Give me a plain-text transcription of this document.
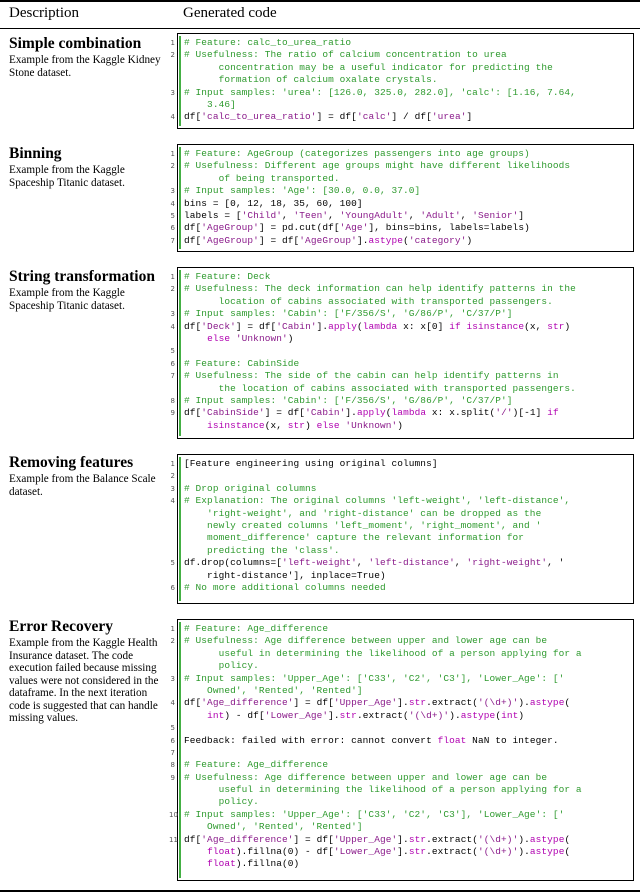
Description	Generated code
Simple combination
Example from the Kaggle Kidney Stone dataset.
1 # Feature: calc_to_urea_ratio
2 # Usefulness: The ratio of calcium concentration to urea
concentration may be a useful indicator for predicting the
formation of calcium oxalate crystals.
3 # Input samples: 'urea': [126.0, 325.0, 282.0], 'calc': [1.16, 7.64,
3.46]
4 df['calc_to_urea_ratio'] = df['calc'] / df['urea']
Binning
Example from the Kaggle Spaceship Titanic dataset.
1 # Feature: AgeGroup (categorizes passengers into age groups)
2 # Usefulness: Different age groups might have different likelihoods
of being transported.
3 # Input samples: 'Age': [30.0, 0.0, 37.0]
4 bins = [0, 12, 18, 35, 60, 100]
5 labels = ['Child', 'Teen', 'YoungAdult', 'Adult', 'Senior']
6 df['AgeGroup'] = pd.cut(df['Age'], bins=bins, labels=labels)
7 df['AgeGroup'] = df['AgeGroup'].astype('category')
String transformation
Example from the Kaggle Spaceship Titanic dataset.
1 # Feature: Deck
2 # Usefulness: The deck information can help identify patterns in the
location of cabins associated with transported passengers.
3 # Input samples: 'Cabin': ['F/356/S', 'G/86/P', 'C/37/P']
4 df['Deck'] = df['Cabin'].apply(lambda x: x[0] if isinstance(x, str)
else 'Unknown')
5
6 # Feature: CabinSide
7 # Usefulness: The side of the cabin can help identify patterns in
the location of cabins associated with transported passengers.
8 # Input samples: 'Cabin': ['F/356/S', 'G/86/P', 'C/37/P']
9 df['CabinSide'] = df['Cabin'].apply(lambda x: x.split('/')[-1] if
isinstance(x, str) else 'Unknown')
Removing features
Example from the Balance Scale dataset.
1 [Feature engineering using original columns]
2
3 # Drop original columns
4 # Explanation: The original columns 'left-weight', 'left-distance',
'right-weight', and 'right-distance' can be dropped as the
newly created columns 'left_moment', 'right_moment', and '
moment_difference' capture the relevant information for
predicting the 'class'.
5 df.drop(columns=['left-weight', 'left-distance', 'right-weight', '
right-distance'], inplace=True)
6 # No more additional columns needed
Error Recovery
Example from the Kaggle Health Insurance dataset. The code execution failed because missing values were not considered in the dataframe. In the next iteration code is suggested that can handle missing values.
1 # Feature: Age_difference
2 # Usefulness: Age difference between upper and lower age can be
useful in determining the likelihood of a person applying for a
policy.
3 # Input samples: 'Upper_Age': ['C33', 'C2', 'C3'], 'Lower_Age': ['
Owned', 'Rented', 'Rented']
4 df['Age_difference'] = df['Upper_Age'].str.extract('(\d+)').astype(
int) - df['Lower_Age'].str.extract('(\d+)').astype(int)
5
6 Feedback: failed with error: cannot convert float NaN to integer.
7
8 # Feature: Age_difference
9 # Usefulness: Age difference between upper and lower age can be
useful in determining the likelihood of a person applying for a
policy.
10 # Input samples: 'Upper_Age': ['C33', 'C2', 'C3'], 'Lower_Age': ['
Owned', 'Rented', 'Rented']
11 df['Age_difference'] = df['Upper_Age'].str.extract('(\d+)').astype(
float).fillna(0) - df['Lower_Age'].str.extract('(\d+)').astype(
float).fillna(0)
